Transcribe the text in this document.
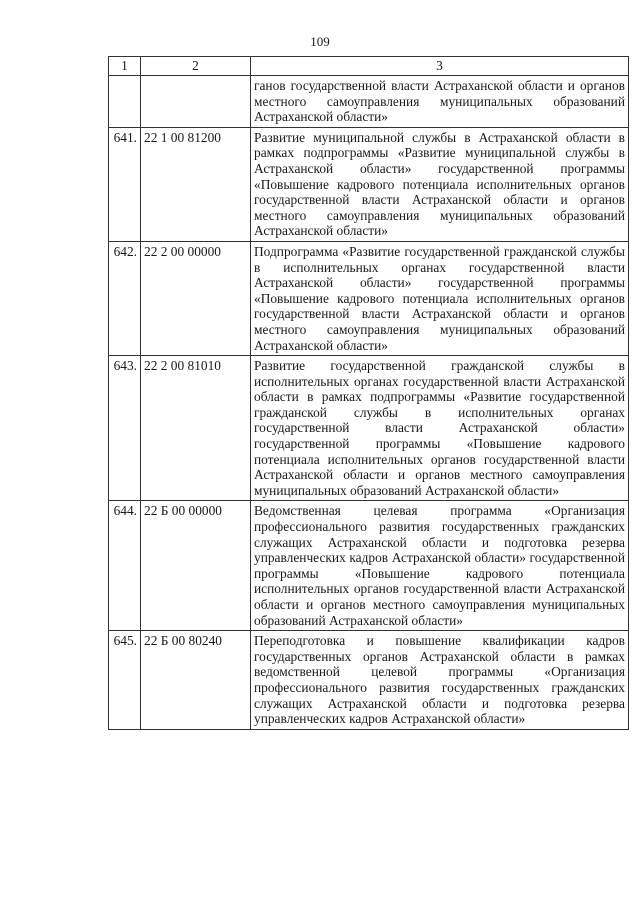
109
1	2	3
		ганов государственной власти Астраханской области и органов местного самоуправления муниципальных образований Астраханской области»
641.	22 1 00 81200	Развитие муниципальной службы в Астраханской области в рамках подпрограммы «Развитие муниципальной службы в Астраханской области» государственной программы «Повышение кадрового потенциала исполнительных органов государственной власти Астраханской области и органов местного самоуправления муниципальных образований Астраханской области»
642.	22 2 00 00000	Подпрограмма «Развитие государственной гражданской службы в исполнительных органах государственной власти Астраханской области» государственной программы «Повышение кадрового потенциала исполнительных органов государственной власти Астраханской области и органов местного самоуправления муниципальных образований Астраханской области»
643.	22 2 00 81010	Развитие государственной гражданской службы в исполнительных органах государственной власти Астраханской области в рамках подпрограммы «Развитие государственной гражданской службы в исполнительных органах государственной власти Астраханской области» государственной программы «Повышение кадрового потенциала исполнительных органов государственной власти Астраханской области и органов местного самоуправления муниципальных образований Астраханской области»
644.	22 Б 00 00000	Ведомственная целевая программа «Организация профессионального развития государственных гражданских служащих Астраханской области и подготовка резерва управленческих кадров Астраханской области» государственной программы «Повышение кадрового потенциала исполнительных органов государственной власти Астраханской области и органов местного самоуправления муниципальных образований Астраханской области»
645.	22 Б 00 80240	Переподготовка и повышение квалификации кадров государственных органов Астраханской области в рамках ведомственной целевой программы «Организация профессионального развития государственных гражданских служащих Астраханской области и подготовка резерва управленческих кадров Астраханской области»
